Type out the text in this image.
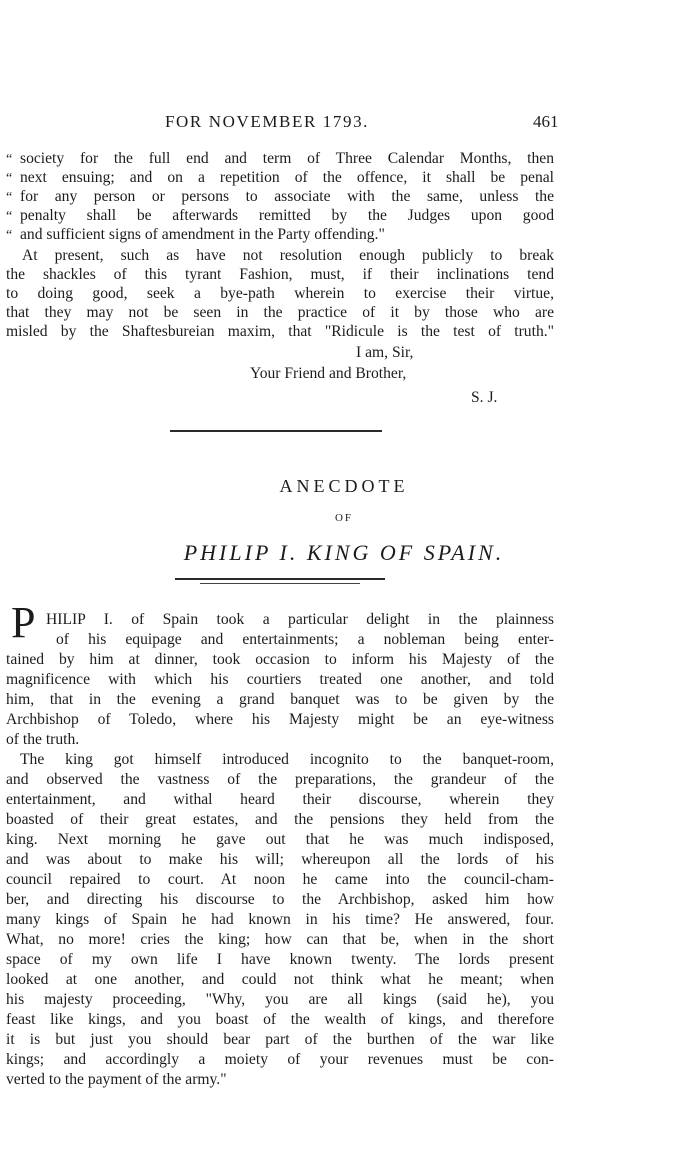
FOR NOVEMBER 1793.	461
“ society for the full end and term of Three Calendar Months, then
“ next ensuing; and on a repetition of the offence, it shall be penal
“ for any person or persons to associate with the same, unless the
“ penalty shall be afterwards remitted by the Judges upon good
“ and sufficient signs of amendment in the Party offending."
At present, such as have not resolution enough publicly to break
the shackles of this tyrant Fashion, must, if their inclinations tend
to doing good, seek a bye-path wherein to exercise their virtue,
that they may not be seen in the practice of it by those who are
misled by the Shaftesbureian maxim, that "Ridicule is the test of truth."
I am, Sir,
Your Friend and Brother,
S. J.
ANECDOTE
OF
PHILIP I. KING OF SPAIN.
P HILIP I. of Spain took a particular delight in the plainness
of his equipage and entertainments; a nobleman being enter-
tained by him at dinner, took occasion to inform his Majesty of the
magnificence with which his courtiers treated one another, and told
him, that in the evening a grand banquet was to be given by the
Archbishop of Toledo, where his Majesty might be an eye-witness
of the truth.
The king got himself introduced incognito to the banquet-room,
and observed the vastness of the preparations, the grandeur of the
entertainment, and withal heard their discourse, wherein they
boasted of their great estates, and the pensions they held from the
king. Next morning he gave out that he was much indisposed,
and was about to make his will; whereupon all the lords of his
council repaired to court. At noon he came into the council-cham-
ber, and directing his discourse to the Archbishop, asked him how
many kings of Spain he had known in his time? He answered, four.
What, no more! cries the king; how can that be, when in the short
space of my own life I have known twenty. The lords present
looked at one another, and could not think what he meant; when
his majesty proceeding, "Why, you are all kings (said he), you
feast like kings, and you boast of the wealth of kings, and therefore
it is but just you should bear part of the burthen of the war like
kings; and accordingly a moiety of your revenues must be con-
verted to the payment of the army."
